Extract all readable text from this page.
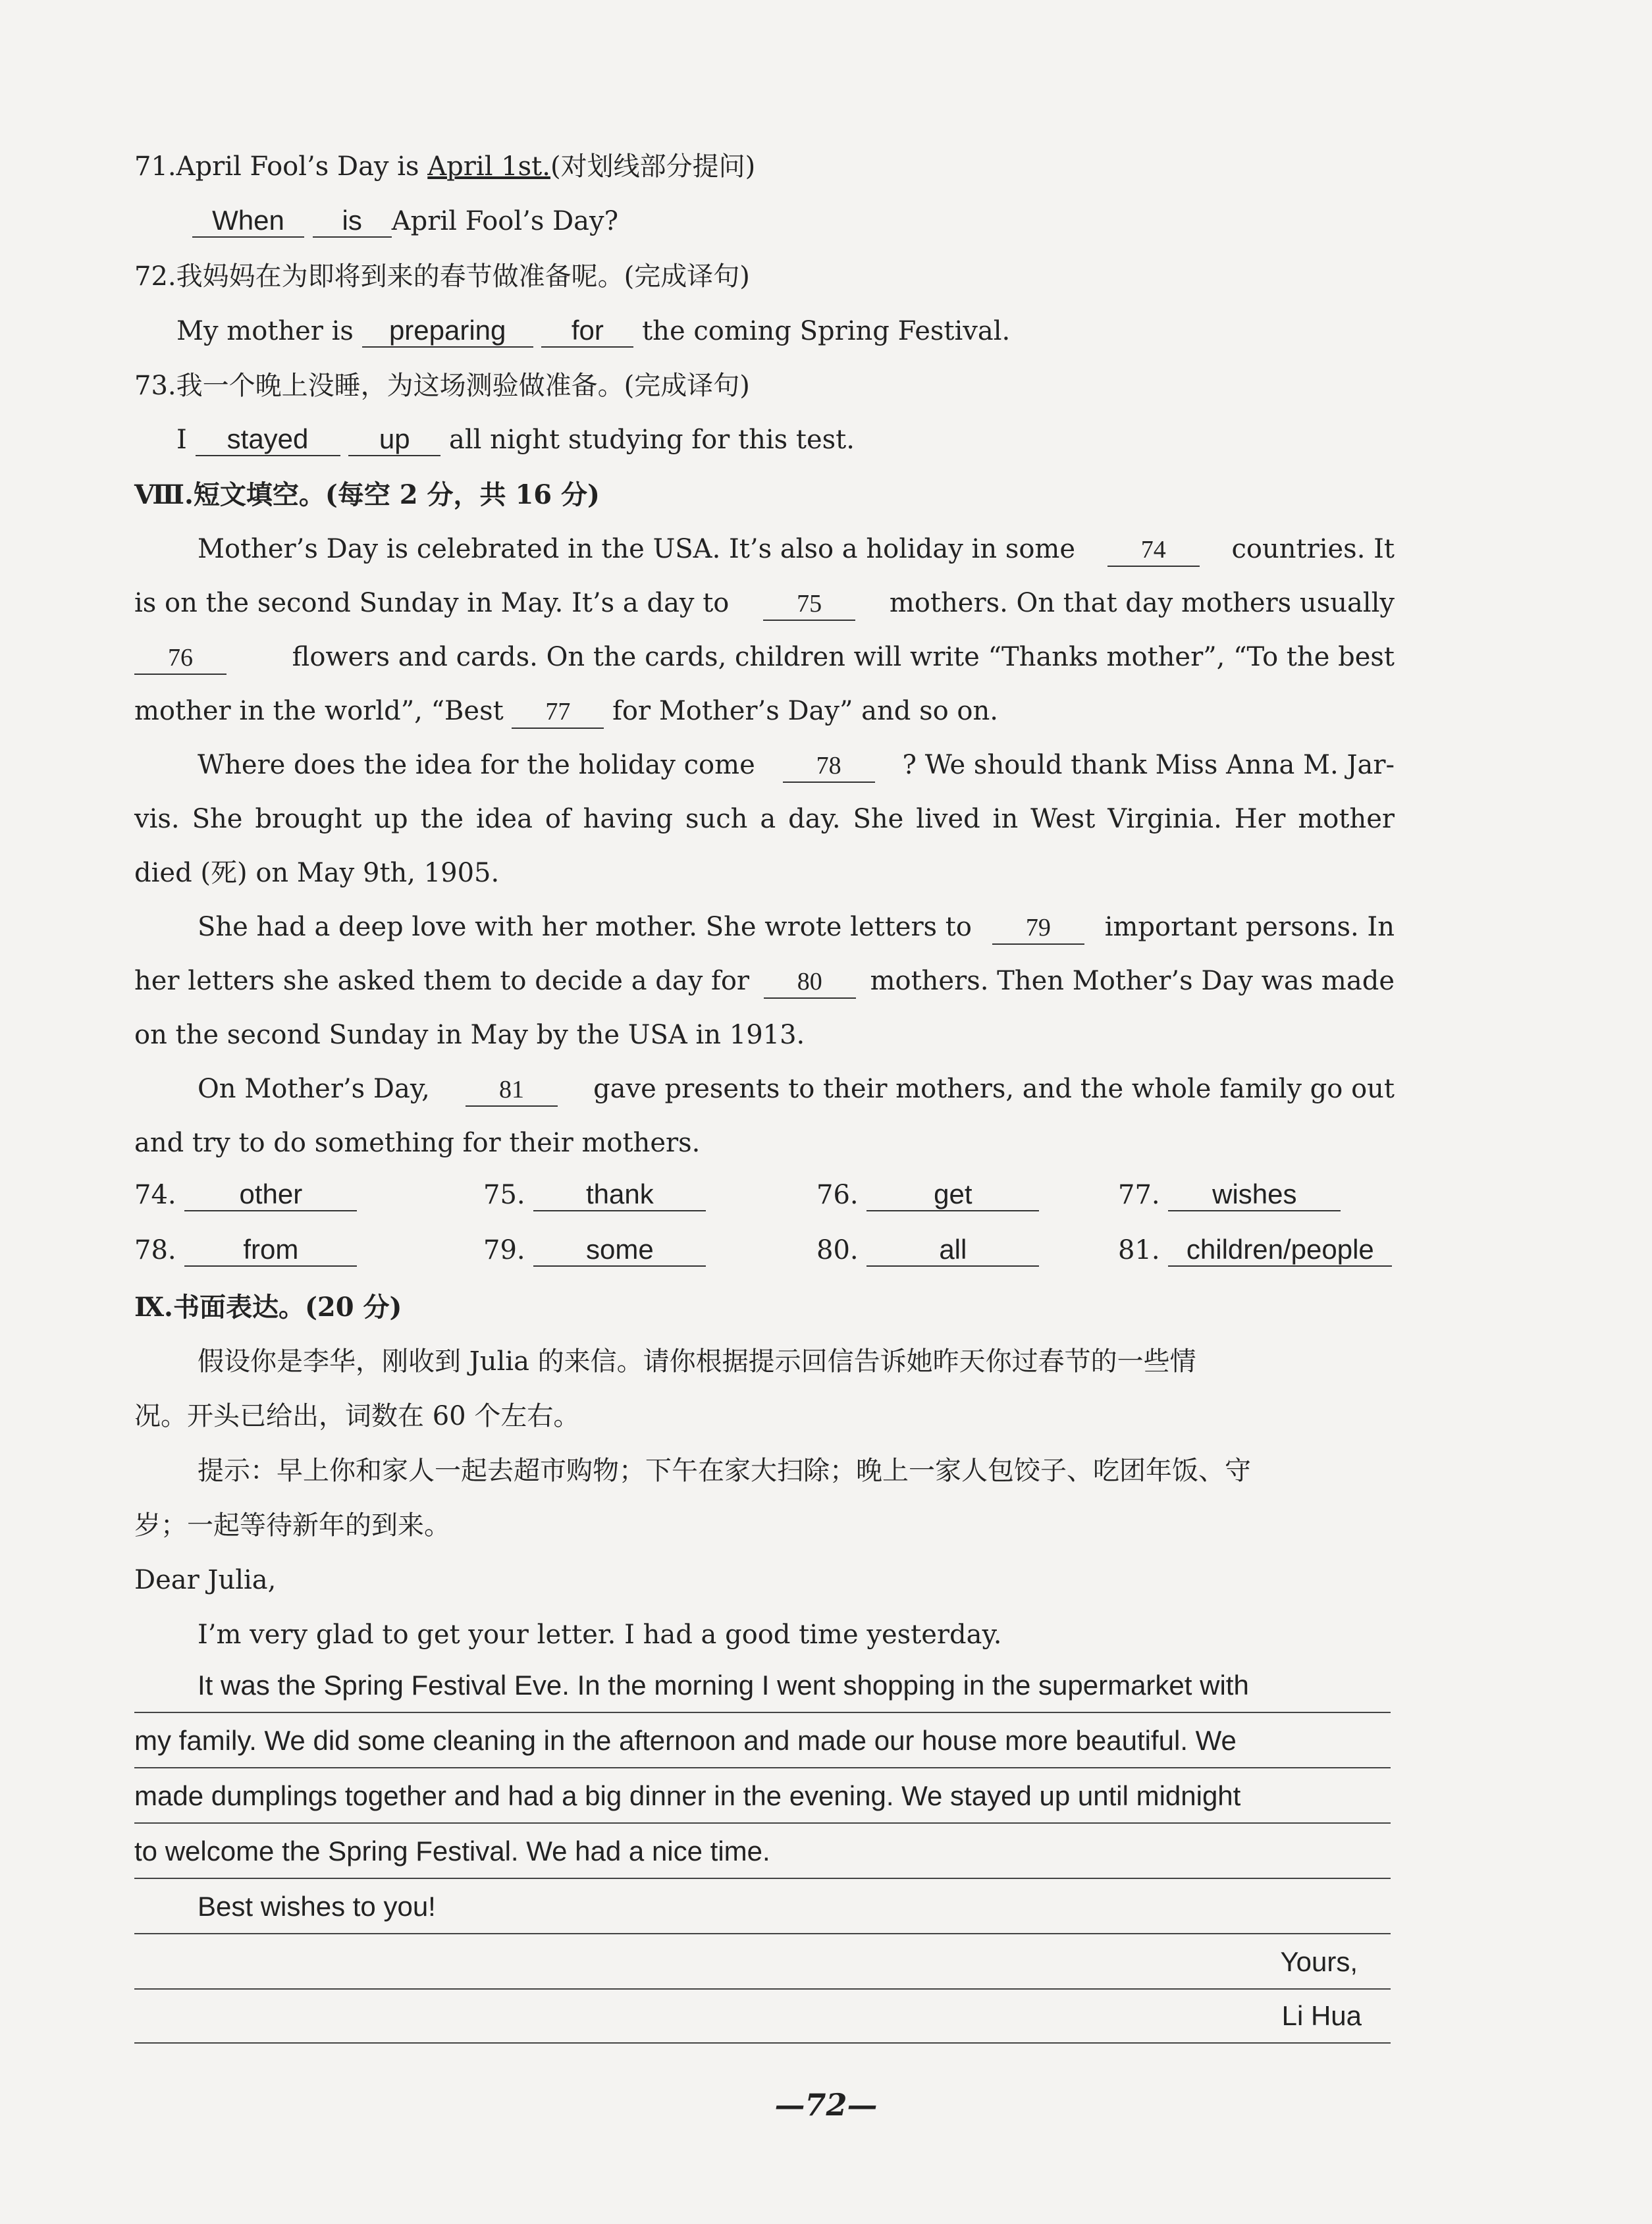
71.April Fool’s Day is April 1st.(对划线部分提问)
When is April Fool’s Day?
72.我妈妈在为即将到来的春节做准备呢。(完成译句)
My mother is preparing for the coming Spring Festival.
73.我一个晚上没睡，为这场测验做准备。(完成译句)
I stayed	up all night studying for this test.
Ⅷ.短文填空。(每空 2 分，共 16 分)
Mother’s Day is celebrated in the USA. It’s also a holiday in some	74	countries. It
is on the second Sunday in May. It’s a day to	75	mothers. On that day mothers usually
76	flowers and cards. On the cards, children will write “Thanks mother”, “To the best
mother in the world”, “Best 77 for Mother’s Day” and so on.
Where does the idea for the holiday come	78	? We should thank Miss Anna M. Jar-
vis. She brought up the idea of having such a day. She lived in West Virginia. Her mother
died (死) on May 9th, 1905.
She had a deep love with her mother. She wrote letters to	79	important persons. In
her letters she asked them to decide a day for	80	mothers. Then Mother’s Day was made
on the second Sunday in May by the USA in 1913.
On Mother’s Day,	81	gave presents to their mothers, and the whole family go out
and try to do something for their mothers.
74. other	75. thank	76.	get	77. wishes
78. from	79. some	80.	all	81. children/people
Ⅸ.书面表达。(20 分)
假设你是李华，刚收到 Julia 的来信。请你根据提示回信告诉她昨天你过春节的一些情
况。开头已给出，词数在 60 个左右。
提示：早上你和家人一起去超市购物；下午在家大扫除；晚上一家人包饺子、吃团年饭、守
岁；一起等待新年的到来。
Dear Julia,
I’m very glad to get your letter. I had a good time yesterday.
It was the Spring Festival Eve. In the morning I went shopping in the supermarket with
my family. We did some cleaning in the afternoon and made our house more beautiful. We
made dumplings together and had a big dinner in the evening. We stayed up until midnight
to welcome the Spring Festival. We had a nice time.
Best wishes to you!
Yours,
Li Hua
—72—
